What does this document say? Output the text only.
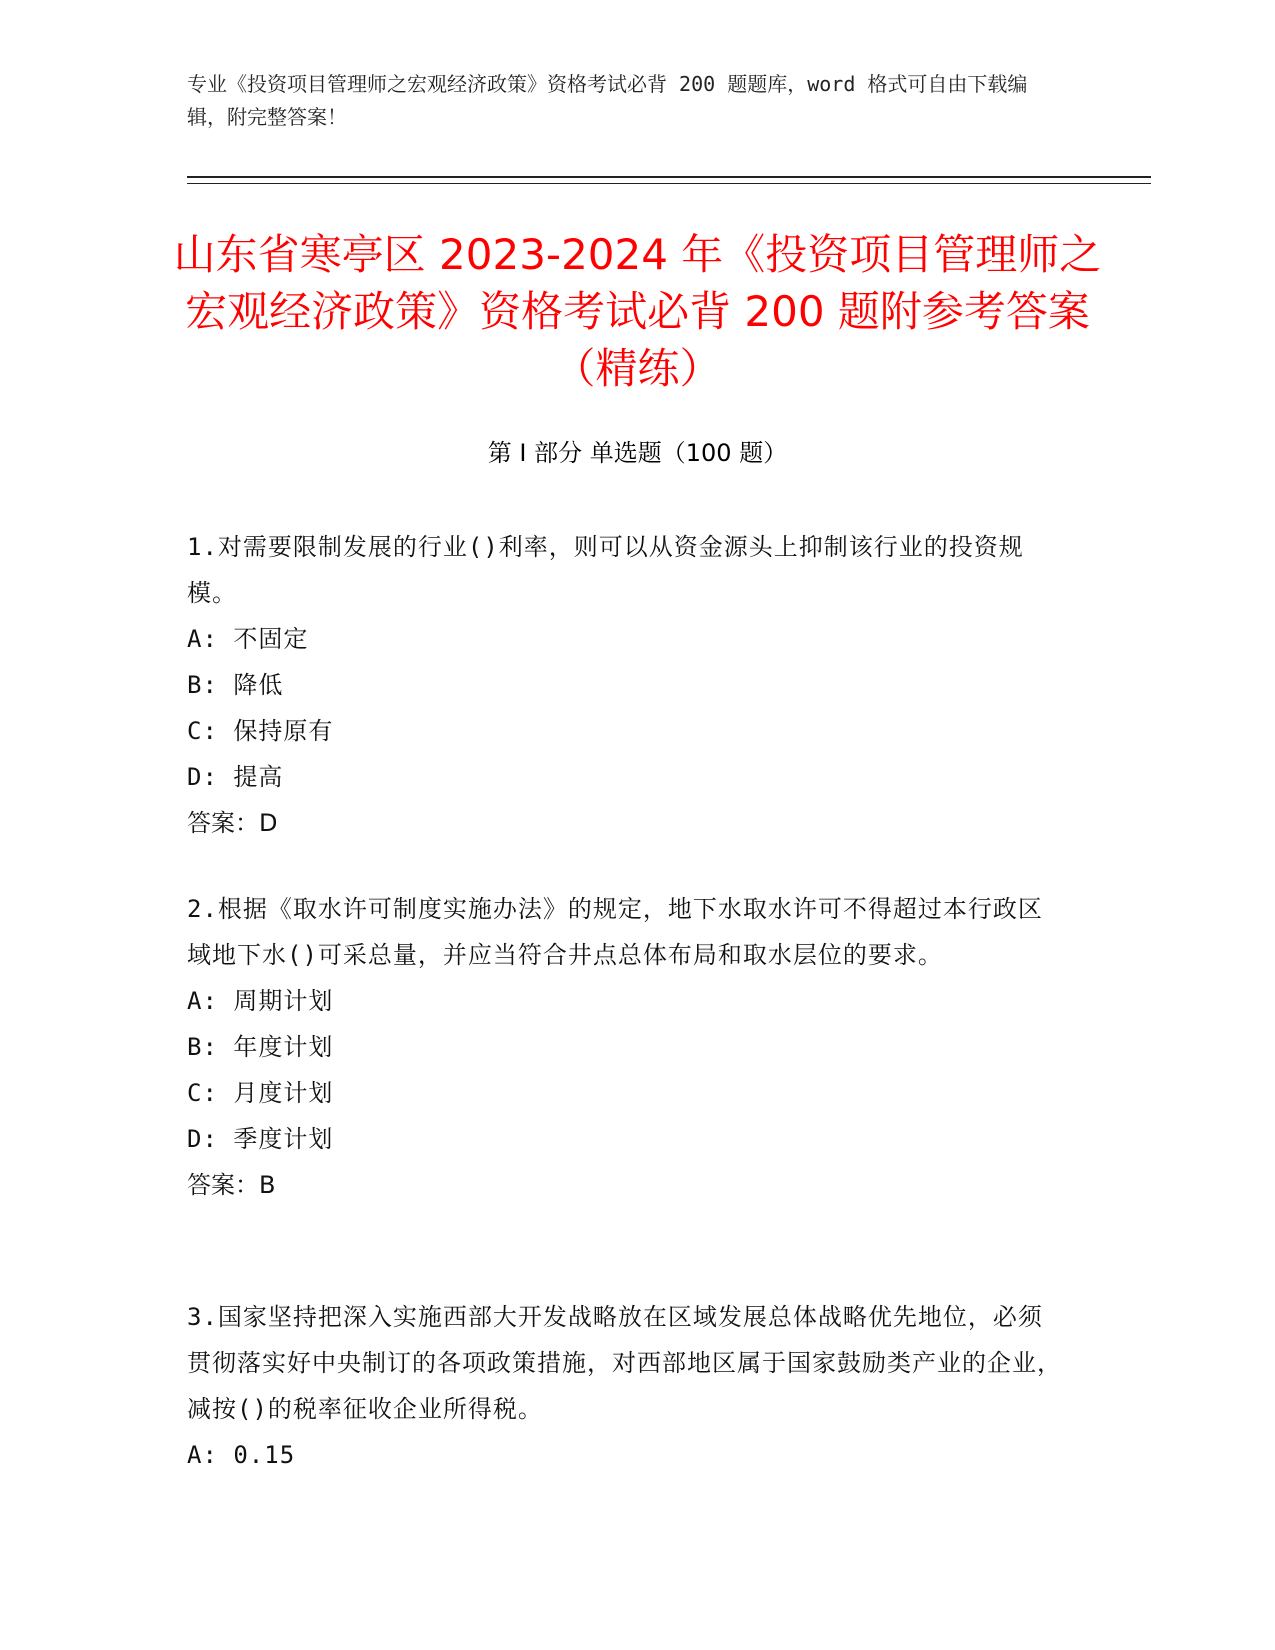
专业《投资项目管理师之宏观经济政策》资格考试必背 200 题题库，word 格式可自由下载编辑，附完整答案！
山东省寒亭区 2023-2024 年《投资项目管理师之宏观经济政策》资格考试必背 200 题附参考答案（精练）
第 I 部分 单选题（100 题）
1.对需要限制发展的行业()利率，则可以从资金源头上抑制该行业的投资规模。
A: 不固定
B: 降低
C: 保持原有
D: 提高
答案：D
2.根据《取水许可制度实施办法》的规定，地下水取水许可不得超过本行政区域地下水()可采总量，并应当符合井点总体布局和取水层位的要求。
A: 周期计划
B: 年度计划
C: 月度计划
D: 季度计划
答案：B
3.国家坚持把深入实施西部大开发战略放在区域发展总体战略优先地位，必须贯彻落实好中央制订的各项政策措施，对西部地区属于国家鼓励类产业的企业，减按()的税率征收企业所得税。
A: 0.15
